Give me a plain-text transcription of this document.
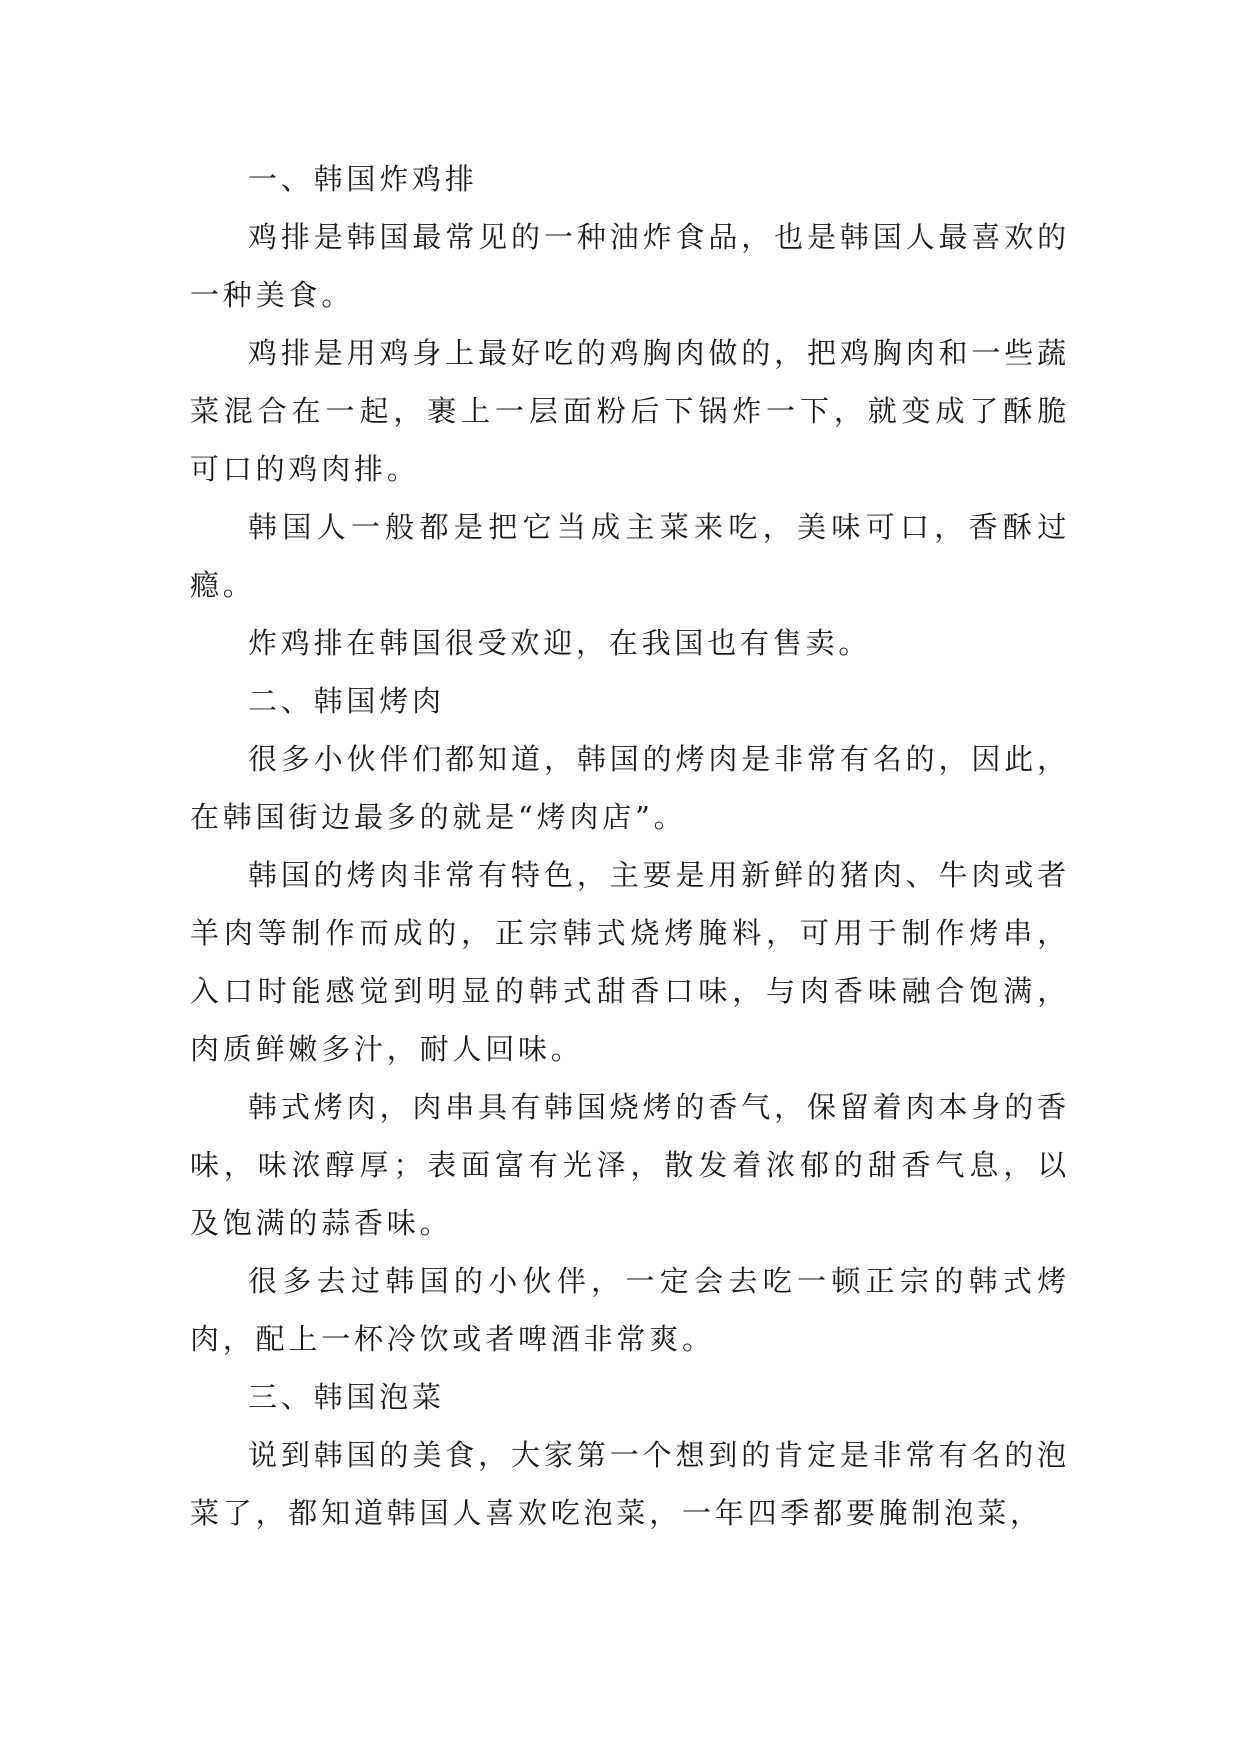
一、韩国炸鸡排

鸡排是韩国最常见的一种油炸食品，也是韩国人最喜欢的一种美食。

鸡排是用鸡身上最好吃的鸡胸肉做的，把鸡胸肉和一些蔬菜混合在一起，裹上一层面粉后下锅炸一下，就变成了酥脆可口的鸡肉排。

韩国人一般都是把它当成主菜来吃，美味可口，香酥过瘾。

炸鸡排在韩国很受欢迎，在我国也有售卖。

二、韩国烤肉

很多小伙伴们都知道，韩国的烤肉是非常有名的，因此，在韩国街边最多的就是“烤肉店”。

韩国的烤肉非常有特色，主要是用新鲜的猪肉、牛肉或者羊肉等制作而成的，正宗韩式烧烤腌料，可用于制作烤串，入口时能感觉到明显的韩式甜香口味，与肉香味融合饱满，肉质鲜嫩多汁，耐人回味。

韩式烤肉，肉串具有韩国烧烤的香气，保留着肉本身的香味，味浓醇厚；表面富有光泽，散发着浓郁的甜香气息，以及饱满的蒜香味。

很多去过韩国的小伙伴，一定会去吃一顿正宗的韩式烤肉，配上一杯冷饮或者啤酒非常爽。

三、韩国泡菜

说到韩国的美食，大家第一个想到的肯定是非常有名的泡菜了，都知道韩国人喜欢吃泡菜，一年四季都要腌制泡菜，
